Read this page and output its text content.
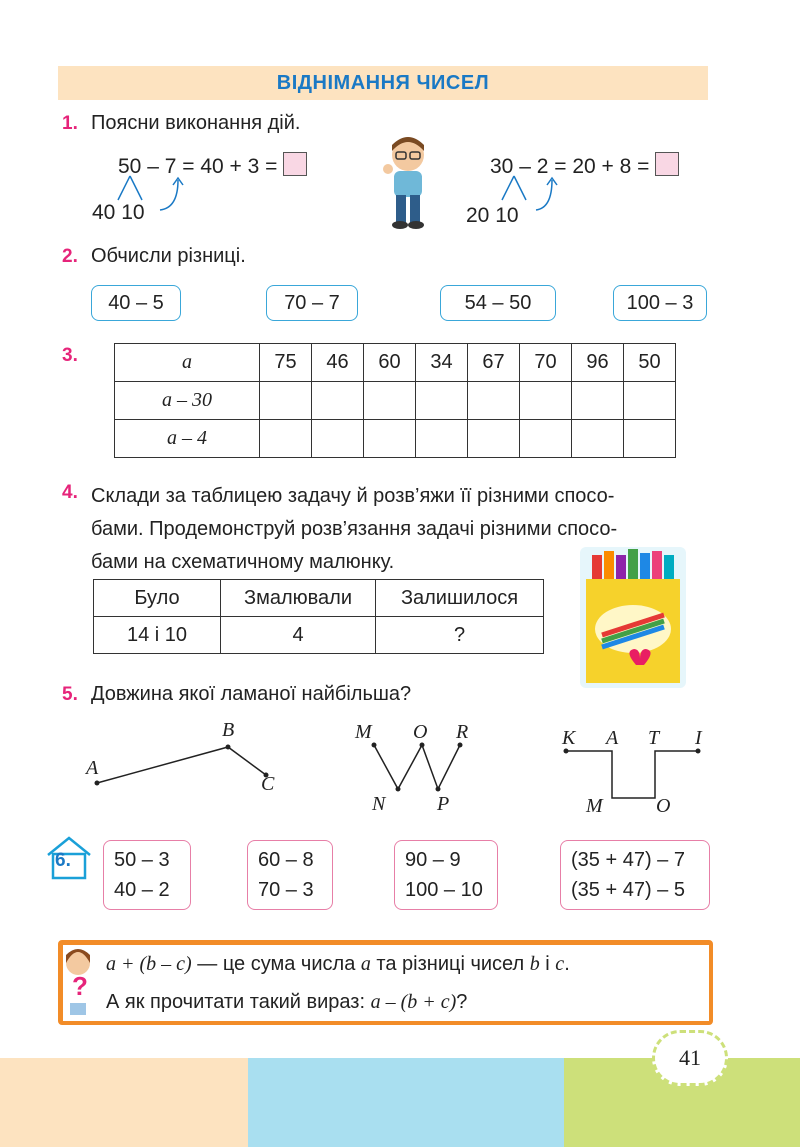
ВІДНІМАННЯ ЧИСЕЛ
1. Поясни виконання дій.
50 – 7 = 40 + 3 =
40 10
30 – 2 = 20 + 8 =
20 10
2. Обчисли різниці.
40 – 5	70 – 7	54 – 50	100 – 3
3.	a	75	46	60	34	67	70	96	50
a – 30								
a – 4								
4. Склади за таблицею задачу й розв’яжи її різними спосо-
бами. Продемонструй розв’язання задачі різними спосо-
бами на схематичному малюнку.
Було	Змалювали	Залишилося
14 і 10	4	?
5. Довжина якої ламаної найбільша?
A
B
C
M O R
N	P
K A T I
M	O
6. 50 – 3
40 – 2
60 – 8
70 – 3
90 – 9
100 – 10
(35 + 47) – 7
(35 + 47) – 5
?
a + (b – c) — це сума числа a та різниці чисел b і c.
А як прочитати такий вираз: a – (b + c)?
41
